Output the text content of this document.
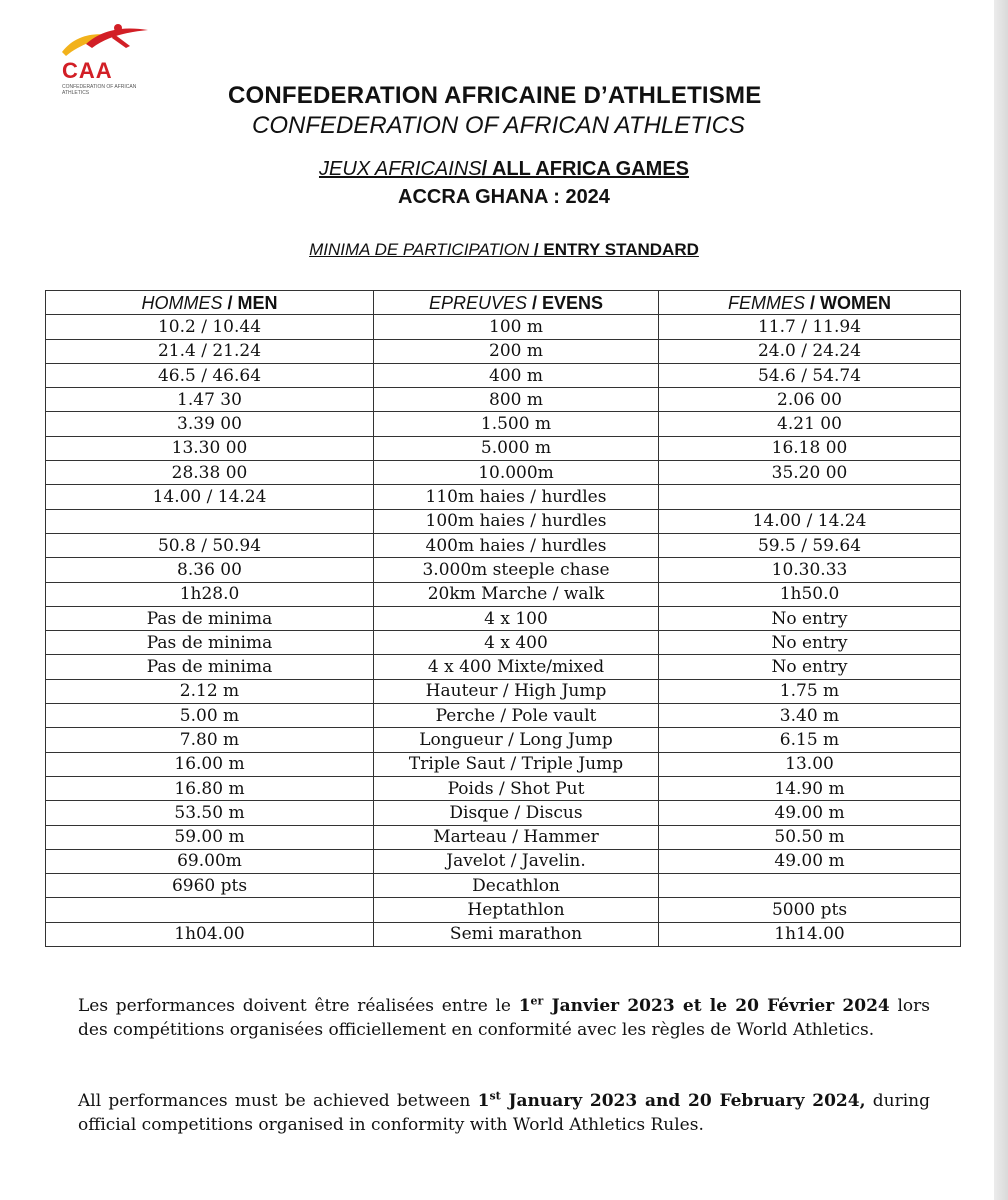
CAA
CONFEDERATION OF AFRICAN ATHLETICS	CONFEDERATION AFRICAINE D’ATHLETISME
CONFEDERATION OF AFRICAN ATHLETICS
JEUX AFRICAINS/ ALL AFRICA GAMES
ACCRA GHANA : 2024
MINIMA DE PARTICIPATION / ENTRY STANDARD
HOMMES / MEN	EPREUVES / EVENS	FEMMES / WOMEN
10.2 / 10.44	100 m	11.7 / 11.94
21.4 / 21.24	200 m	24.0 / 24.24
46.5 / 46.64	400 m	54.6 / 54.74
1.47 30	800 m	2.06 00
3.39 00	1.500 m	4.21 00
13.30 00	5.000 m	16.18 00
28.38 00	10.000m	35.20 00
14.00 / 14.24	110m haies / hurdles	
	100m haies / hurdles	14.00 / 14.24
50.8 / 50.94	400m haies / hurdles	59.5 / 59.64
8.36 00	3.000m steeple chase	10.30.33
1h28.0	20km Marche / walk	1h50.0
Pas de minima	4 x 100	No entry
Pas de minima	4 x 400	No entry
Pas de minima	4 x 400 Mixte/mixed	No entry
2.12 m	Hauteur / High Jump	1.75 m
5.00 m	Perche / Pole vault	3.40 m
7.80 m	Longueur / Long Jump	6.15 m
16.00 m	Triple Saut / Triple Jump	13.00
16.80 m	Poids / Shot Put	14.90 m
53.50 m	Disque / Discus	49.00 m
59.00 m	Marteau / Hammer	50.50 m
69.00m	Javelot / Javelin.	49.00 m
6960 pts	Decathlon	
	Heptathlon	5000 pts
1h04.00	Semi marathon	1h14.00
Les performances doivent être réalisées entre le 1er Janvier 2023 et le 20 Février 2024 lors des compétitions organisées officiellement en conformité avec les règles de World Athletics.
All performances must be achieved between 1st January 2023 and 20 February 2024, during official competitions organised in conformity with World Athletics Rules.
